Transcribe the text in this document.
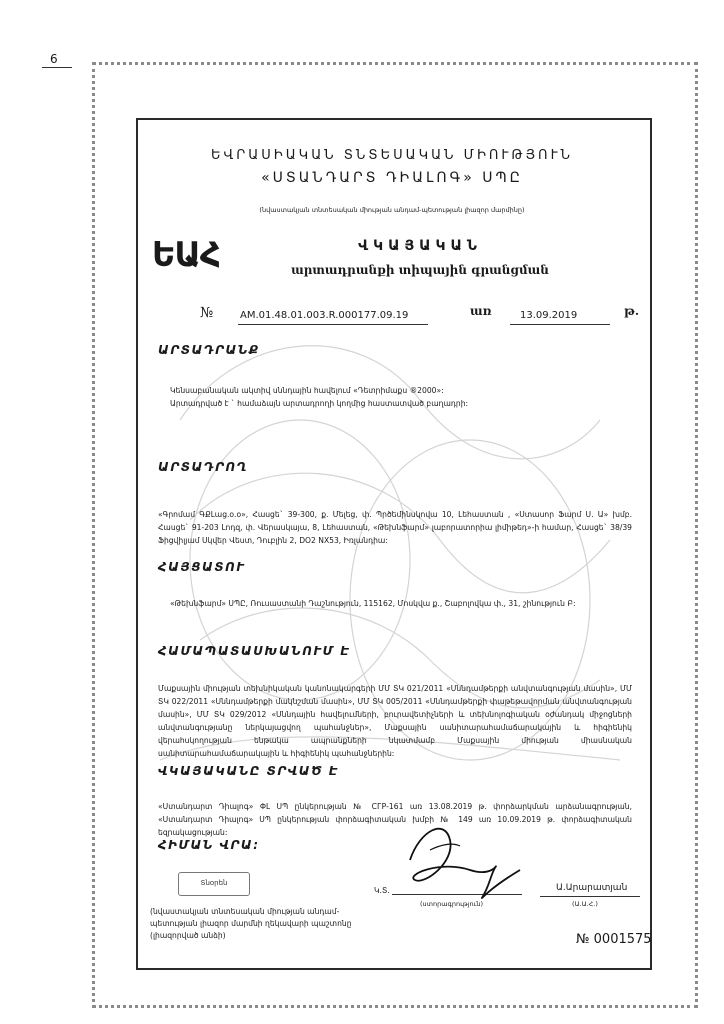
6
ԵՎՐԱՍԻԱԿԱՆ ՏՆՏԵՍԱԿԱՆ ՄԻՈՒԹՅՈՒՆ
«ՍՏԱՆԴԱՐՏ ԴԻԱԼՈԳ» ՍՊԸ
(նվաստակյան տնտեսական միության անդամ-պետության լիազոր մարմինը)
ԵԱՀ	ՎԿԱՅԱԿԱՆ
արտադրանքի տիպային գրանցման
№	AM.01.48.01.003.R.000177.09.19	առ	13.09.2019	թ.
ԱՐՏԱԴՐԱՆՔ
Կենսաբանական ակտիվ սննդային հավելում «Դետրիմաքս ®2000»:
Արտադրված է ` համաձայն արտադրողի կողմից հաստատված բաղադրի:
ԱՐՏԱԴՐՈՂ
«Գրոմամ ԳՔԼաց.օ.օ», Հասցե` 39-300, ք. Մելեց, փ. Պրծեմինսկովա 10, Լեհաստան , «Ստասոր Ֆարմ Ս. Ա» խմբ. Հասցե` 91-203 Լոդզ, փ. Վերասկայա, 8, Լեհաստան, «Թեխնֆարմ» լաբորատորիա լիմիթեդ»-ի համար, Հասցե` 38/39 Ֆիցվիլյամ Սկվեր Վեստ, Դուբլին 2, DO2 NX53, Իռլանդիա:
ՀԱՅՑԱՏՈՒ
«Թեխնֆարմ» ՍՊԸ, Ռուսաստանի Դաշնություն, 115162, Մոսկվա ք., Շաբոլովկա փ., 31, շինություն Բ:
ՀԱՄԱՊԱՏԱՍԽԱՆՈՒՄ Է
Մաքսային միության տեխնիկական կանոնակարգերի ՄՄ ՏԿ 021/2011 «Սննդամթերքի անվտանգության մասին», ՄՄ ՏԿ 022/2011 «Սննդամթերքի մակնշման մասին», ՄՄ ՏԿ 005/2011 «Սննդամթերքի փաթեթավորման անվտանգության մասին», ՄՄ ՏԿ 029/2012 «Սննդային հավելումների, բուրավետիչների և տեխնոլոգիական օժանդակ միջոցների անվտանգությանը ներկայացվող պահանջներ», Մաքսային սանիտարահամաճարակային և հիգիենիկ վերահսկողության ենթակա ապրանքների նկատմամբ Մաքսային միության միասնական սանիտարահամաճարակային և հիգիենիկ պահանջներին:
ՎԿԱՅԱԿԱՆԸ ՏՐՎԱԾ Է
«Ստանդարտ Դիալոգ» ՓԼ ՍՊ ընկերության № CГР-161 առ 13.08.2019 թ. փորձարկման արձանագրության, «Ստանդարտ Դիալոգ» ՍՊ ընկերության փորձագիտական խմբի № 149 առ 10.09.2019 թ. փորձագիտական եզրակացության:
ՀԻՄԱՆ ՎՐԱ:
Տնօրեն
Կ.Տ.
(ստորագրություն)
Ա.Արարատյան
(Ա.Ա.Հ.)
(նվաստակյան տնտեսական միության անդամ-պետության լիազոր մարմնի ղեկավարի պաշտոնը (լիազորված անձի)	№ 0001575
